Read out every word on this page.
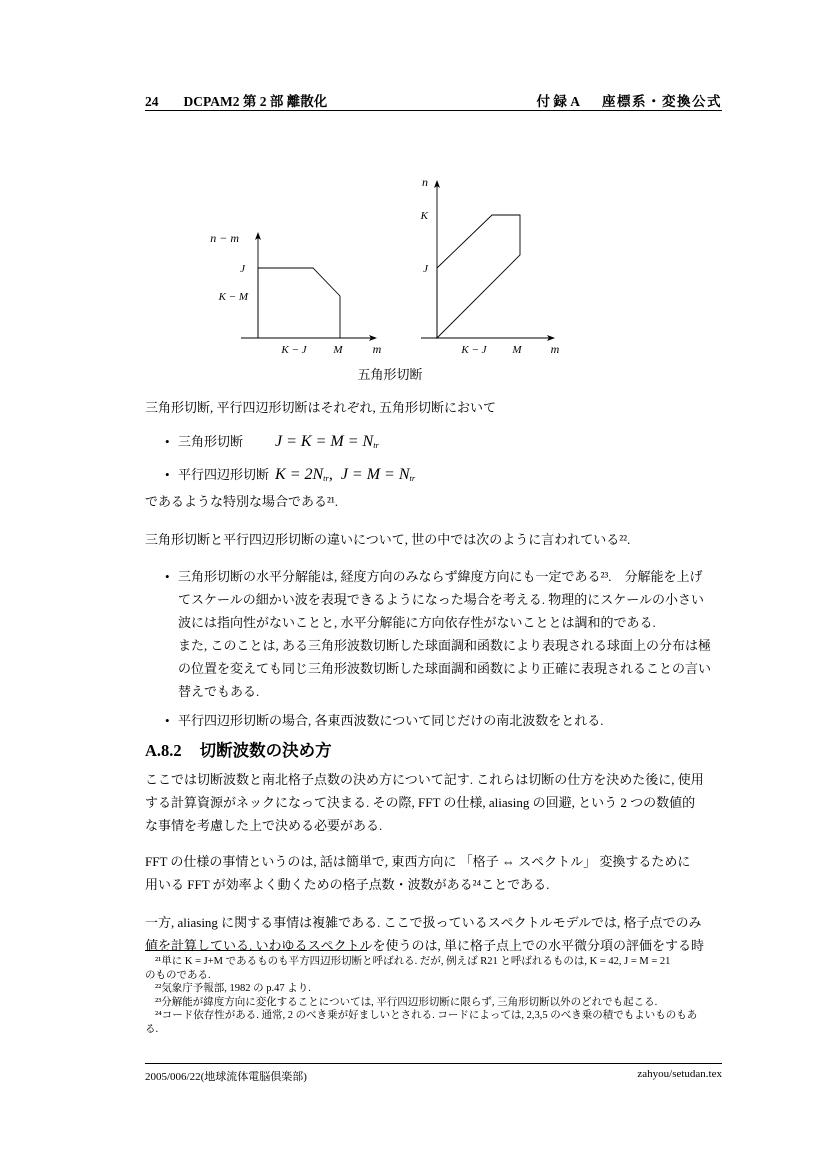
24 DCPAM2 第 2 部 離散化	付 録 A 座標系・変換公式
n − m
J
K − M
K − J M	m
n
K
J
K − J M m
五角形切断
三角形切断, 平行四辺形切断はそれぞれ, 五角形切断において
•
三角形切断 J = K = M = Ntr
•
平行四辺形切断 K = 2Ntr,  J = M = Ntr
であるような特別な場合である²¹.
三角形切断と平行四辺形切断の違いについて, 世の中では次のように言われている²².
•
三角形切断の水平分解能は, 経度方向のみならず緯度方向にも一定である²³.　分解能を上げ
てスケールの細かい波を表現できるようになった場合を考える. 物理的にスケールの小さい
波には指向性がないことと, 水平分解能に方向依存性がないこととは調和的である.
また, このことは, ある三角形波数切断した球面調和函数により表現される球面上の分布は極
の位置を変えても同じ三角形波数切断した球面調和函数により正確に表現されることの言い
替えでもある.
•
平行四辺形切断の場合, 各東西波数について同じだけの南北波数をとれる.
A.8.2 切断波数の決め方
ここでは切断波数と南北格子点数の決め方について記す. これらは切断の仕方を決めた後に, 使用
する計算資源がネックになって決まる. その際, FFT の仕様, aliasing の回避, という 2 つの数値的
な事情を考慮した上で決める必要がある.
FFT の仕様の事情というのは, 話は簡単で, 東西方向に 「格子 ⇔ スペクトル」 変換するために
用いる FFT が効率よく動くための格子点数・波数がある²⁴ことである.
一方, aliasing に関する事情は複雑である. ここで扱っているスペクトルモデルでは, 格子点でのみ
値を計算している. いわゆるスペクトルを使うのは, 単に格子点上での水平微分項の評価をする時
²¹単に K = J+M であるものも平方四辺形切断と呼ばれる. だが, 例えば R21 と呼ばれるものは, K = 42, J = M = 21
のものである.
²²気象庁予報部, 1982 の p.47 より.
²³分解能が緯度方向に変化することについては, 平行四辺形切断に限らず, 三角形切断以外のどれでも起こる.
²⁴コード依存性がある. 通常, 2 のべき乗が好ましいとされる. コードによっては, 2,3,5 のべき乗の積でもよいものもあ
る.
2005/006/22(地球流体電脳倶楽部)	zahyou/setudan.tex
